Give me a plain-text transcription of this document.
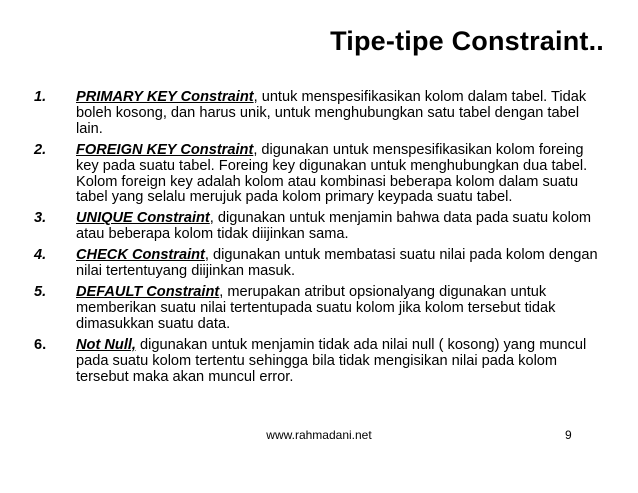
Tipe-tipe Constraint..
1.	PRIMARY KEY Constraint, untuk menspesifikasikan kolom dalam tabel. Tidak boleh kosong, dan harus unik, untuk menghubungkan satu tabel dengan tabel lain.
2.	FOREIGN KEY Constraint, digunakan untuk menspesifikasikan kolom foreing key pada suatu tabel. Foreing key digunakan untuk menghubungkan dua tabel. Kolom foreign key adalah kolom atau kombinasi beberapa kolom dalam suatu tabel yang selalu merujuk pada kolom primary keypada suatu tabel.
3.	UNIQUE Constraint, digunakan untuk menjamin bahwa data pada suatu kolom atau beberapa kolom tidak diijinkan sama.
4.	CHECK Constraint, digunakan untuk membatasi suatu nilai pada kolom dengan nilai tertentuyang diijinkan masuk.
5.	DEFAULT Constraint, merupakan atribut opsionalyang digunakan untuk memberikan suatu nilai tertentupada suatu kolom jika kolom tersebut tidak dimasukkan suatu data.
6.	Not Null, digunakan untuk menjamin tidak ada nilai null ( kosong) yang muncul pada suatu kolom tertentu sehingga bila tidak mengisikan nilai pada kolom tersebut maka akan muncul error.
www.rahmadani.net	9
